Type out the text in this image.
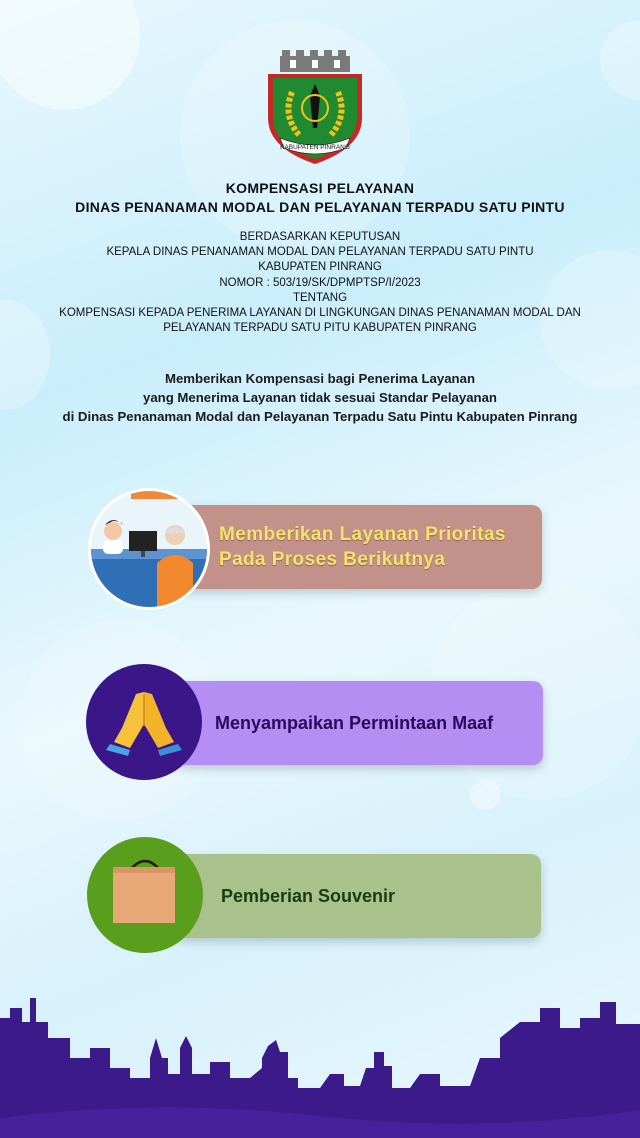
KABUPATEN PINRANG
KOMPENSASI PELAYANAN
DINAS PENANAMAN MODAL DAN PELAYANAN TERPADU SATU PINTU
BERDASARKAN KEPUTUSAN
KEPALA DINAS PENANAMAN MODAL DAN PELAYANAN TERPADU SATU PINTU
KABUPATEN PINRANG
NOMOR : 503/19/SK/DPMPTSP/I/2023
TENTANG
KOMPENSASI KEPADA PENERIMA LAYANAN DI LINGKUNGAN DINAS PENANAMAN MODAL DAN
PELAYANAN TERPADU SATU PITU KABUPATEN PINRANG
Memberikan Kompensasi bagi Penerima Layanan
yang Menerima Layanan tidak sesuai Standar Pelayanan
di Dinas Penanaman Modal dan Pelayanan Terpadu Satu Pintu Kabupaten Pinrang
Memberikan Layanan Prioritas
Pada Proses Berikutnya
Menyampaikan Permintaan Maaf
Pemberian Souvenir
